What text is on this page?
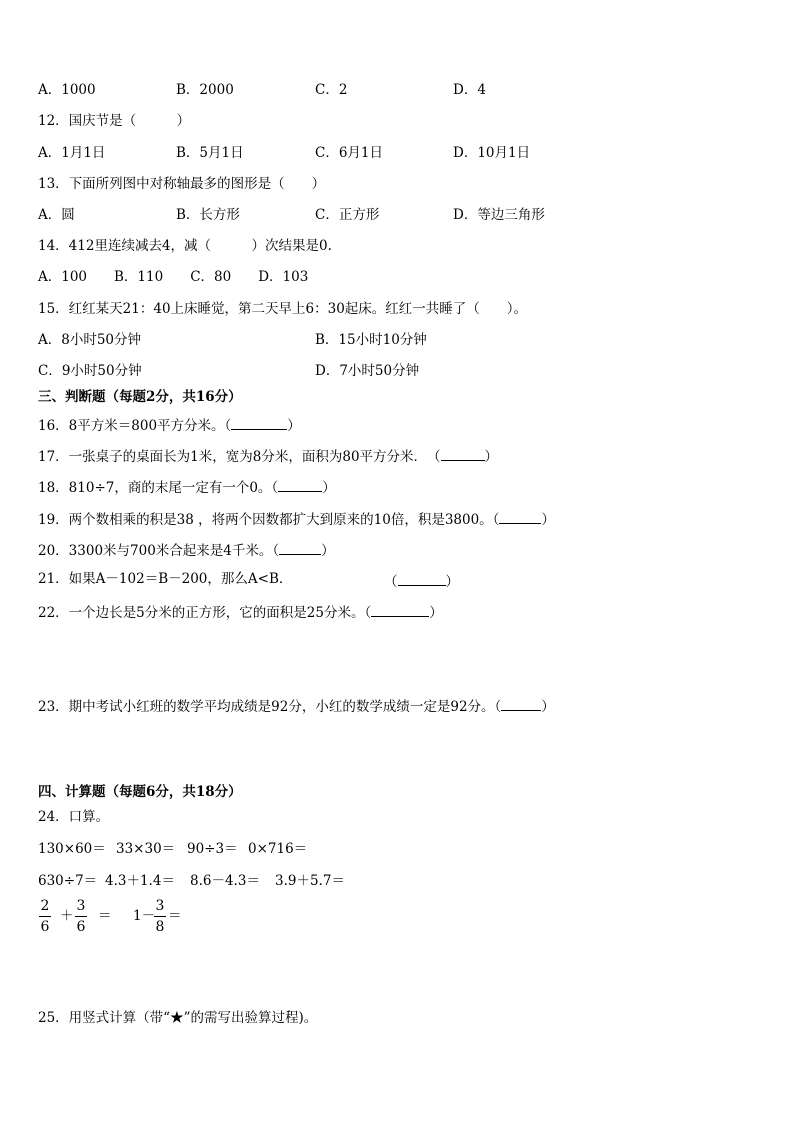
A．1000	B．2000	C．2	D．4
12．国庆节是（　　　）
A．1月1日	B．5月1日	C．6月1日	D．10月1日
13．下面所列图中对称轴最多的图形是（　　）
A．圆	B．长方形	C．正方形	D．等边三角形
14．412里连续减去4，减（　　　）次结果是0.
A．100　　B．110　　C．80　　D．103
15．红红某天21：40上床睡觉，第二天早上6：30起床。红红一共睡了（　　）。
A．8小时50分钟	B．15小时10分钟
C．9小时50分钟	D．7小时50分钟
三、判断题（每题2分，共16分）
16．8平方米＝800平方分米。（	）
17．一张桌子的桌面长为1米，宽为8分米，面积为80平方分米．　（	）
18．810÷7，商的末尾一定有一个0。（	）
19．两个数相乘的积是38 ，将两个因数都扩大到原来的10倍，积是3800。（	）
20．3300米与700米合起来是4千米。（	）
21．如果A－102＝B－200，那么A<B．	（	）
22．一个边长是5分米的正方形，它的面积是25分米。（	）
23．期中考试小红班的数学平均成绩是92分，小红的数学成绩一定是92分。（	）
四、计算题（每题6分，共18分）
24．口算。
130×60＝ 33×30＝ 90÷3＝ 0×716＝
630÷7＝ 4.3＋1.4＝ 8.6－4.3＝ 3.9＋5.7＝
2
6
＋
3
6
＝ 1－
3
8
＝
25．用竖式计算（带“★”的需写出验算过程)。
